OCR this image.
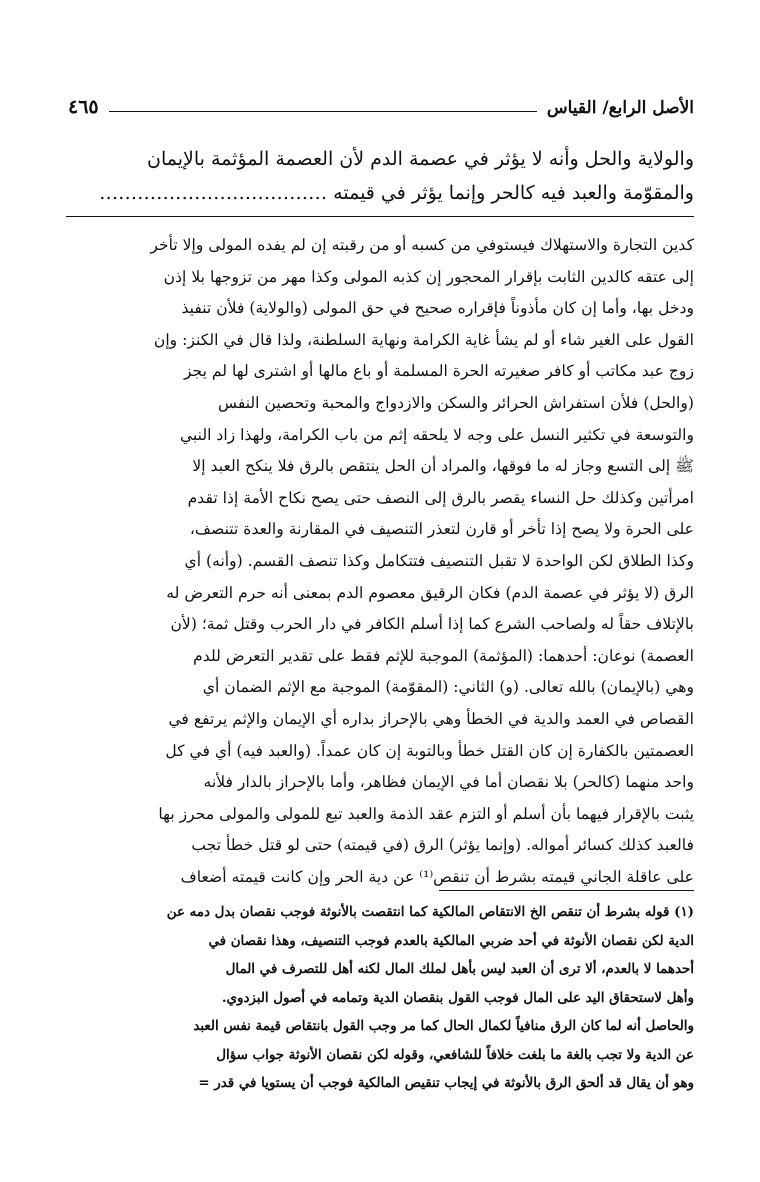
الأصل الرابع/ القياس
٤٦٥

والولاية والحل وأنه لا يؤثر في عصمة الدم لأن العصمة المؤثمة بالإيمان

والمقوّمة والعبد فيه كالحر وإنما يؤثر في قيمته ………………………………

كدين التجارة والاستهلاك فيستوفي من كسبه أو من رقبته إن لم يفده المولى وإلا تأخر

إلى عتقه كالدين الثابت بإقرار المحجور إن كذبه المولى وكذا مهر من تزوجها بلا إذن

ودخل بها، وأما إن كان مأذوناً فإقراره صحيح في حق المولى (والولاية) فلأن تنفيذ

القول على الغير شاء أو لم يشأ غاية الكرامة ونهاية السلطنة، ولذا قال في الكنز: وإن

زوج عبد مكاتب أو كافر صغيرته الحرة المسلمة أو باع مالها أو اشترى لها لم يجز

(والحل) فلأن استفراش الحرائر والسكن والازدواج والمحبة وتحصين النفس

والتوسعة في تكثير النسل على وجه لا يلحقه إثم من باب الكرامة، ولهذا زاد النبي

ﷺ إلى التسع وجاز له ما فوقها، والمراد أن الحل ينتقص بالرق فلا ينكح العبد إلا

امرأتين وكذلك حل النساء يقصر بالرق إلى النصف حتى يصح نكاح الأمة إذا تقدم

على الحرة ولا يصح إذا تأخر أو قارن لتعذر التنصيف في المقارنة والعدة تتنصف،

وكذا الطلاق لكن الواحدة لا تقبل التنصيف فتتكامل وكذا تنصف القسم. (وأنه) أي

الرق (لا يؤثر في عصمة الدم) فكان الرقيق معصوم الدم بمعنى أنه حرم التعرض له

بالإتلاف حقاً له ولصاحب الشرع كما إذا أسلم الكافر في دار الحرب وقتل ثمة؛ (لأن

العصمة) نوعان: أحدهما: (المؤثمة) الموجبة للإثم فقط على تقدير التعرض للدم

وهي (بالإيمان) بالله تعالى. (و) الثاني: (المقوّمة) الموجبة مع الإثم الضمان أي

القصاص في العمد والدية في الخطأ وهي بالإحراز بداره أي الإيمان والإثم يرتفع في

العصمتين بالكفارة إن كان القتل خطأ وبالتوبة إن كان عمداً. (والعبد فيه) أي في كل

واحد منهما (كالحر) بلا نقصان أما في الإيمان فظاهر، وأما بالإحراز بالدار فلأنه

يثبت بالإقرار فيهما بأن أسلم أو التزم عقد الذمة والعبد تبع للمولى والمولى محرز بها

فالعبد كذلك كسائر أمواله. (وإنما يؤثر) الرق (في قيمته) حتى لو قتل خطأ تجب

على عاقلة الجاني قيمته بشرط أن تنقص⁽¹⁾ عن دية الحر وإن كانت قيمته أضعاف

(١) قوله بشرط أن تنقص الخ الانتقاص المالكية كما انتقصت بالأنوثة فوجب نقصان بدل دمه عن

الدية لكن نقصان الأنوثة في أحد ضربي المالكية بالعدم فوجب التنصيف، وهذا نقصان في

أحدهما لا بالعدم، ألا ترى أن العبد ليس بأهل لملك المال لكنه أهل للتصرف في المال

وأهل لاستحقاق اليد على المال فوجب القول بنقصان الدية وتمامه في أصول البزدوي.

والحاصل أنه لما كان الرق منافياً لكمال الحال كما مر وجب القول بانتقاص قيمة نفس العبد

عن الدية ولا تجب بالغة ما بلغت خلافاً للشافعي، وقوله لكن نقصان الأنوثة جواب سؤال

وهو أن يقال قد ألحق الرق بالأنوثة في إيجاب تنقيص المالكية فوجب أن يستويا في قدر =
